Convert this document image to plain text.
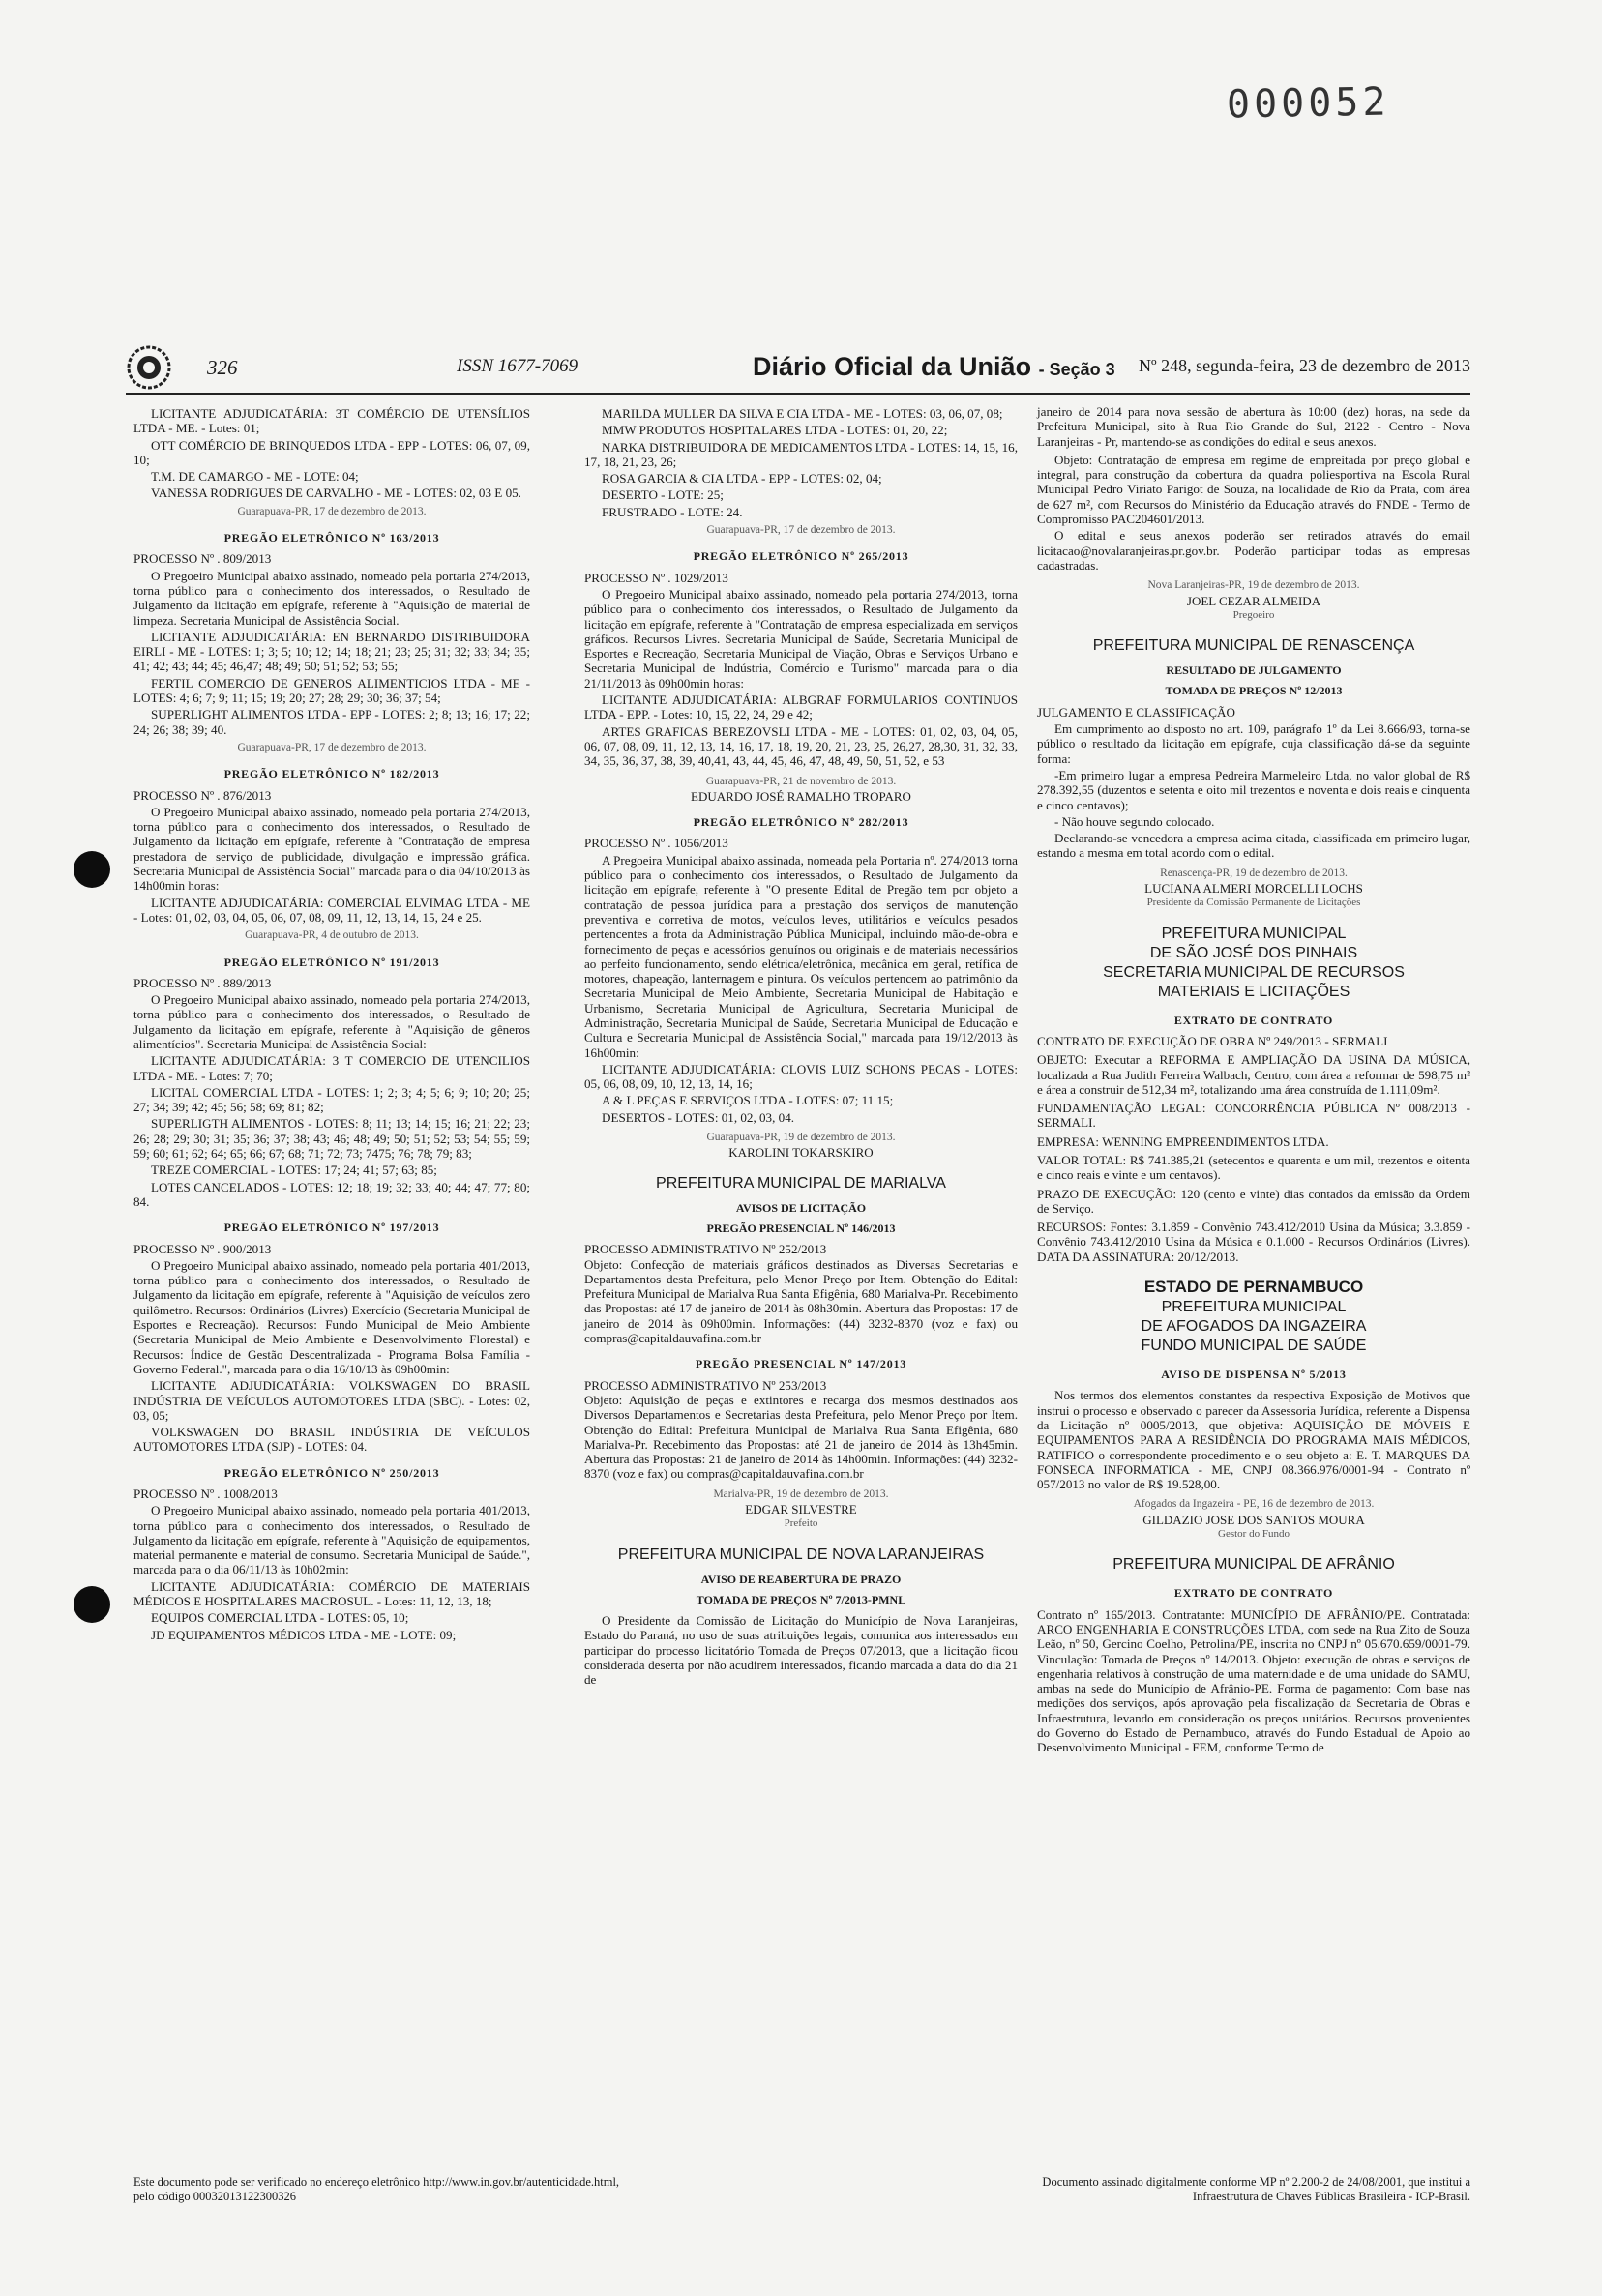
000052
326	ISSN 1677-7069	Diário Oficial da União - Seção 3 Nº 248, segunda-feira, 23 de dezembro de 2013

LICITANTE ADJUDICATÁRIA: 3T COMÉRCIO DE UTENSÍLIOS LTDA - ME. - Lotes: 01;

OTT COMÉRCIO DE BRINQUEDOS LTDA - EPP - LOTES: 06, 07, 09, 10;

T.M. DE CAMARGO - ME - LOTE: 04;

VANESSA RODRIGUES DE CARVALHO - ME - LOTES: 02, 03 E 05.

Guarapuava-PR, 17 de dezembro de 2013.
PREGÃO ELETRÔNICO Nº 163/2013

PROCESSO Nº . 809/2013

O Pregoeiro Municipal abaixo assinado, nomeado pela portaria 274/2013, torna público para o conhecimento dos interessados, o Resultado de Julgamento da licitação em epígrafe, referente à "Aquisição de material de limpeza. Secretaria Municipal de Assistência Social.

LICITANTE ADJUDICATÁRIA: EN BERNARDO DISTRIBUIDORA EIRLI - ME - LOTES: 1; 3; 5; 10; 12; 14; 18; 21; 23; 25; 31; 32; 33; 34; 35; 41; 42; 43; 44; 45; 46,47; 48; 49; 50; 51; 52; 53; 55;

FERTIL COMERCIO DE GENEROS ALIMENTICIOS LTDA - ME - LOTES: 4; 6; 7; 9; 11; 15; 19; 20; 27; 28; 29; 30; 36; 37; 54;

SUPERLIGHT ALIMENTOS LTDA - EPP - LOTES: 2; 8; 13; 16; 17; 22; 24; 26; 38; 39; 40.

Guarapuava-PR, 17 de dezembro de 2013.
PREGÃO ELETRÔNICO Nº 182/2013

PROCESSO Nº . 876/2013

O Pregoeiro Municipal abaixo assinado, nomeado pela portaria 274/2013, torna público para o conhecimento dos interessados, o Resultado de Julgamento da licitação em epígrafe, referente à "Contratação de empresa prestadora de serviço de publicidade, divulgação e impressão gráfica. Secretaria Municipal de Assistência Social" marcada para o dia 04/10/2013 às 14h00min horas:

LICITANTE ADJUDICATÁRIA: COMERCIAL ELVIMAG LTDA - ME - Lotes: 01, 02, 03, 04, 05, 06, 07, 08, 09, 11, 12, 13, 14, 15, 24 e 25.

Guarapuava-PR, 4 de outubro de 2013.
PREGÃO ELETRÔNICO Nº 191/2013

PROCESSO Nº . 889/2013

O Pregoeiro Municipal abaixo assinado, nomeado pela portaria 274/2013, torna público para o conhecimento dos interessados, o Resultado de Julgamento da licitação em epígrafe, referente à "Aquisição de gêneros alimentícios". Secretaria Municipal de Assistência Social:

LICITANTE ADJUDICATÁRIA: 3 T COMERCIO DE UTENCILIOS LTDA - ME. - Lotes: 7; 70;

LICITAL COMERCIAL LTDA - LOTES: 1; 2; 3; 4; 5; 6; 9; 10; 20; 25; 27; 34; 39; 42; 45; 56; 58; 69; 81; 82;

SUPERLIGTH ALIMENTOS - LOTES: 8; 11; 13; 14; 15; 16; 21; 22; 23; 26; 28; 29; 30; 31; 35; 36; 37; 38; 43; 46; 48; 49; 50; 51; 52; 53; 54; 55; 59; 59; 60; 61; 62; 64; 65; 66; 67; 68; 71; 72; 73; 7475; 76; 78; 79; 83;

TREZE COMERCIAL - LOTES: 17; 24; 41; 57; 63; 85;

LOTES CANCELADOS - LOTES: 12; 18; 19; 32; 33; 40; 44; 47; 77; 80; 84.

PREGÃO ELETRÔNICO Nº 197/2013

PROCESSO Nº . 900/2013

O Pregoeiro Municipal abaixo assinado, nomeado pela portaria 401/2013, torna público para o conhecimento dos interessados, o Resultado de Julgamento da licitação em epígrafe, referente à "Aquisição de veículos zero quilômetro. Recursos: Ordinários (Livres) Exercício (Secretaria Municipal de Esportes e Recreação). Recursos: Fundo Municipal de Meio Ambiente (Secretaria Municipal de Meio Ambiente e Desenvolvimento Florestal) e Recursos: Índice de Gestão Descentralizada - Programa Bolsa Família - Governo Federal.", marcada para o dia 16/10/13 às 09h00min:

LICITANTE ADJUDICATÁRIA: VOLKSWAGEN DO BRASIL INDÚSTRIA DE VEÍCULOS AUTOMOTORES LTDA (SBC). - Lotes: 02, 03, 05;

VOLKSWAGEN DO BRASIL INDÚSTRIA DE VEÍCULOS AUTOMOTORES LTDA (SJP) - LOTES: 04.

PREGÃO ELETRÔNICO Nº 250/2013

PROCESSO Nº . 1008/2013

O Pregoeiro Municipal abaixo assinado, nomeado pela portaria 401/2013, torna público para o conhecimento dos interessados, o Resultado de Julgamento da licitação em epígrafe, referente à "Aquisição de equipamentos, material permanente e material de consumo. Secretaria Municipal de Saúde.", marcada para o dia 06/11/13 às 10h02min:

LICITANTE ADJUDICATÁRIA: COMÉRCIO DE MATERIAIS MÉDICOS E HOSPITALARES MACROSUL. - Lotes: 11, 12, 13, 18;

EQUIPOS COMERCIAL LTDA - LOTES: 05, 10;

JD EQUIPAMENTOS MÉDICOS LTDA - ME - LOTE: 09;

MARILDA MULLER DA SILVA E CIA LTDA - ME - LOTES: 03, 06, 07, 08;

MMW PRODUTOS HOSPITALARES LTDA - LOTES: 01, 20, 22;

NARKA DISTRIBUIDORA DE MEDICAMENTOS LTDA - LOTES: 14, 15, 16, 17, 18, 21, 23, 26;

ROSA GARCIA & CIA LTDA - EPP - LOTES: 02, 04;

DESERTO - LOTE: 25;

FRUSTRADO - LOTE: 24.

Guarapuava-PR, 17 de dezembro de 2013.
PREGÃO ELETRÔNICO Nº 265/2013

PROCESSO Nº . 1029/2013

O Pregoeiro Municipal abaixo assinado, nomeado pela portaria 274/2013, torna público para o conhecimento dos interessados, o Resultado de Julgamento da licitação em epígrafe, referente à "Contratação de empresa especializada em serviços gráficos. Recursos Livres. Secretaria Municipal de Saúde, Secretaria Municipal de Esportes e Recreação, Secretaria Municipal de Viação, Obras e Serviços Urbano e Secretaria Municipal de Indústria, Comércio e Turismo" marcada para o dia 21/11/2013 às 09h00min horas:

LICITANTE ADJUDICATÁRIA: ALBGRAF FORMULARIOS CONTINUOS LTDA - EPP. - Lotes: 10, 15, 22, 24, 29 e 42;

ARTES GRAFICAS BEREZOVSLI LTDA - ME - LOTES: 01, 02, 03, 04, 05, 06, 07, 08, 09, 11, 12, 13, 14, 16, 17, 18, 19, 20, 21, 23, 25, 26,27, 28,30, 31, 32, 33, 34, 35, 36, 37, 38, 39, 40,41, 43, 44, 45, 46, 47, 48, 49, 50, 51, 52, e 53

Guarapuava-PR, 21 de novembro de 2013.
EDUARDO JOSÉ RAMALHO TROPARO
PREGÃO ELETRÔNICO Nº 282/2013

PROCESSO Nº . 1056/2013

A Pregoeira Municipal abaixo assinada, nomeada pela Portaria nº. 274/2013 torna público para o conhecimento dos interessados, o Resultado de Julgamento da licitação em epígrafe, referente à "O presente Edital de Pregão tem por objeto a contratação de pessoa jurídica para a prestação dos serviços de manutenção preventiva e corretiva de motos, veículos leves, utilitários e veículos pesados pertencentes a frota da Administração Pública Municipal, incluindo mão-de-obra e fornecimento de peças e acessórios genuínos ou originais e de materiais necessários ao perfeito funcionamento, sendo elétrica/eletrônica, mecânica em geral, retífica de motores, chapeação, lanternagem e pintura. Os veículos pertencem ao patrimônio da Secretaria Municipal de Meio Ambiente, Secretaria Municipal de Habitação e Urbanismo, Secretaria Municipal de Agricultura, Secretaria Municipal de Administração, Secretaria Municipal de Saúde, Secretaria Municipal de Educação e Cultura e Secretaria Municipal de Assistência Social," marcada para 19/12/2013 às 16h00min:

LICITANTE ADJUDICATÁRIA: CLOVIS LUIZ SCHONS PECAS - LOTES: 05, 06, 08, 09, 10, 12, 13, 14, 16;

A & L PEÇAS E SERVIÇOS LTDA - LOTES: 07; 11 15;

DESERTOS - LOTES: 01, 02, 03, 04.

Guarapuava-PR, 19 de dezembro de 2013.
KAROLINI TOKARSKIRO
PREFEITURA MUNICIPAL DE MARIALVA
AVISOS DE LICITAÇÃO
PREGÃO PRESENCIAL Nº 146/2013

PROCESSO ADMINISTRATIVO Nº 252/2013

Objeto: Confecção de materiais gráficos destinados as Diversas Secretarias e Departamentos desta Prefeitura, pelo Menor Preço por Item. Obtenção do Edital: Prefeitura Municipal de Marialva Rua Santa Efigênia, 680 Marialva-Pr. Recebimento das Propostas: até 17 de janeiro de 2014 às 08h30min. Abertura das Propostas: 17 de janeiro de 2014 às 09h00min. Informações: (44) 3232-8370 (voz e fax) ou compras@capitaldauvafina.com.br

PREGÃO PRESENCIAL Nº 147/2013

PROCESSO ADMINISTRATIVO Nº 253/2013

Objeto: Aquisição de peças e extintores e recarga dos mesmos destinados aos Diversos Departamentos e Secretarias desta Prefeitura, pelo Menor Preço por Item. Obtenção do Edital: Prefeitura Municipal de Marialva Rua Santa Efigênia, 680 Marialva-Pr. Recebimento das Propostas: até 21 de janeiro de 2014 às 13h45min. Abertura das Propostas: 21 de janeiro de 2014 às 14h00min. Informações: (44) 3232-8370 (voz e fax) ou compras@capitaldauvafina.com.br

Marialva-PR, 19 de dezembro de 2013.
EDGAR SILVESTRE
Prefeito
PREFEITURA MUNICIPAL DE NOVA LARANJEIRAS
AVISO DE REABERTURA DE PRAZO
TOMADA DE PREÇOS Nº 7/2013-PMNL

O Presidente da Comissão de Licitação do Município de Nova Laranjeiras, Estado do Paraná, no uso de suas atribuições legais, comunica aos interessados em participar do processo licitatório Tomada de Preços 07/2013, que a licitação ficou considerada deserta por não acudirem interessados, ficando marcada a data do dia 21 de

janeiro de 2014 para nova sessão de abertura às 10:00 (dez) horas, na sede da Prefeitura Municipal, sito à Rua Rio Grande do Sul, 2122 - Centro - Nova Laranjeiras - Pr, mantendo-se as condições do edital e seus anexos.

Objeto: Contratação de empresa em regime de empreitada por preço global e integral, para construção da cobertura da quadra poliesportiva na Escola Rural Municipal Pedro Viriato Parigot de Souza, na localidade de Rio da Prata, com área de 627 m², com Recursos do Ministério da Educação através do FNDE - Termo de Compromisso PAC204601/2013.

O edital e seus anexos poderão ser retirados através do email licitacao@novalaranjeiras.pr.gov.br. Poderão participar todas as empresas cadastradas.

Nova Laranjeiras-PR, 19 de dezembro de 2013.
JOEL CEZAR ALMEIDA
Pregoeiro
PREFEITURA MUNICIPAL DE RENASCENÇA
RESULTADO DE JULGAMENTO
TOMADA DE PREÇOS Nº 12/2013

JULGAMENTO E CLASSIFICAÇÃO

Em cumprimento ao disposto no art. 109, parágrafo 1º da Lei 8.666/93, torna-se público o resultado da licitação em epígrafe, cuja classificação dá-se da seguinte forma:

-Em primeiro lugar a empresa Pedreira Marmeleiro Ltda, no valor global de R$ 278.392,55 (duzentos e setenta e oito mil trezentos e noventa e dois reais e cinquenta e cinco centavos);

- Não houve segundo colocado.

Declarando-se vencedora a empresa acima citada, classificada em primeiro lugar, estando a mesma em total acordo com o edital.

Renascença-PR, 19 de dezembro de 2013.
LUCIANA ALMERI MORCELLI LOCHS
Presidente da Comissão Permanente de Licitações
PREFEITURA MUNICIPAL
DE SÃO JOSÉ DOS PINHAIS
SECRETARIA MUNICIPAL DE RECURSOS
MATERIAIS E LICITAÇÕES
EXTRATO DE CONTRATO

CONTRATO DE EXECUÇÃO DE OBRA Nº 249/2013 - SERMALI

OBJETO: Executar a REFORMA E AMPLIAÇÃO DA USINA DA MÚSICA, localizada a Rua Judith Ferreira Walbach, Centro, com área a reformar de 598,75 m² e área a construir de 512,34 m², totalizando uma área construída de 1.111,09m².

FUNDAMENTAÇÃO LEGAL: CONCORRÊNCIA PÚBLICA Nº 008/2013 - SERMALI.

EMPRESA: WENNING EMPREENDIMENTOS LTDA.

VALOR TOTAL: R$ 741.385,21 (setecentos e quarenta e um mil, trezentos e oitenta e cinco reais e vinte e um centavos).

PRAZO DE EXECUÇÃO: 120 (cento e vinte) dias contados da emissão da Ordem de Serviço.

RECURSOS: Fontes: 3.1.859 - Convênio 743.412/2010 Usina da Música; 3.3.859 - Convênio 743.412/2010 Usina da Música e 0.1.000 - Recursos Ordinários (Livres). DATA DA ASSINATURA: 20/12/2013.

ESTADO DE PERNAMBUCO
PREFEITURA MUNICIPAL
DE AFOGADOS DA INGAZEIRA
FUNDO MUNICIPAL DE SAÚDE
AVISO DE DISPENSA Nº 5/2013

Nos termos dos elementos constantes da respectiva Exposição de Motivos que instrui o processo e observado o parecer da Assessoria Jurídica, referente a Dispensa da Licitação nº 0005/2013, que objetiva: AQUISIÇÃO DE MÓVEIS E EQUIPAMENTOS PARA A RESIDÊNCIA DO PROGRAMA MAIS MÉDICOS, RATIFICO o correspondente procedimento e o seu objeto a: E. T. MARQUES DA FONSECA INFORMATICA - ME, CNPJ 08.366.976/0001-94 - Contrato nº 057/2013 no valor de R$ 19.528,00.

Afogados da Ingazeira - PE, 16 de dezembro de 2013.
GILDAZIO JOSE DOS SANTOS MOURA
Gestor do Fundo
PREFEITURA MUNICIPAL DE AFRÂNIO
EXTRATO DE CONTRATO

Contrato nº 165/2013. Contratante: MUNICÍPIO DE AFRÂNIO/PE. Contratada: ARCO ENGENHARIA E CONSTRUÇÕES LTDA, com sede na Rua Zito de Souza Leão, nº 50, Gercino Coelho, Petrolina/PE, inscrita no CNPJ nº 05.670.659/0001-79. Vinculação: Tomada de Preços nº 14/2013. Objeto: execução de obras e serviços de engenharia relativos à construção de uma maternidade e de uma unidade do SAMU, ambas na sede do Município de Afrânio-PE. Forma de pagamento: Com base nas medições dos serviços, após aprovação pela fiscalização da Secretaria de Obras e Infraestrutura, levando em consideração os preços unitários. Recursos provenientes do Governo do Estado de Pernambuco, através do Fundo Estadual de Apoio ao Desenvolvimento Municipal - FEM, conforme Termo de

Este documento pode ser verificado no endereço eletrônico http://www.in.gov.br/autenticidade.html,
pelo código 00032013122300326
Documento assinado digitalmente conforme MP nº 2.200-2 de 24/08/2001, que institui a
Infraestrutura de Chaves Públicas Brasileira - ICP-Brasil.
